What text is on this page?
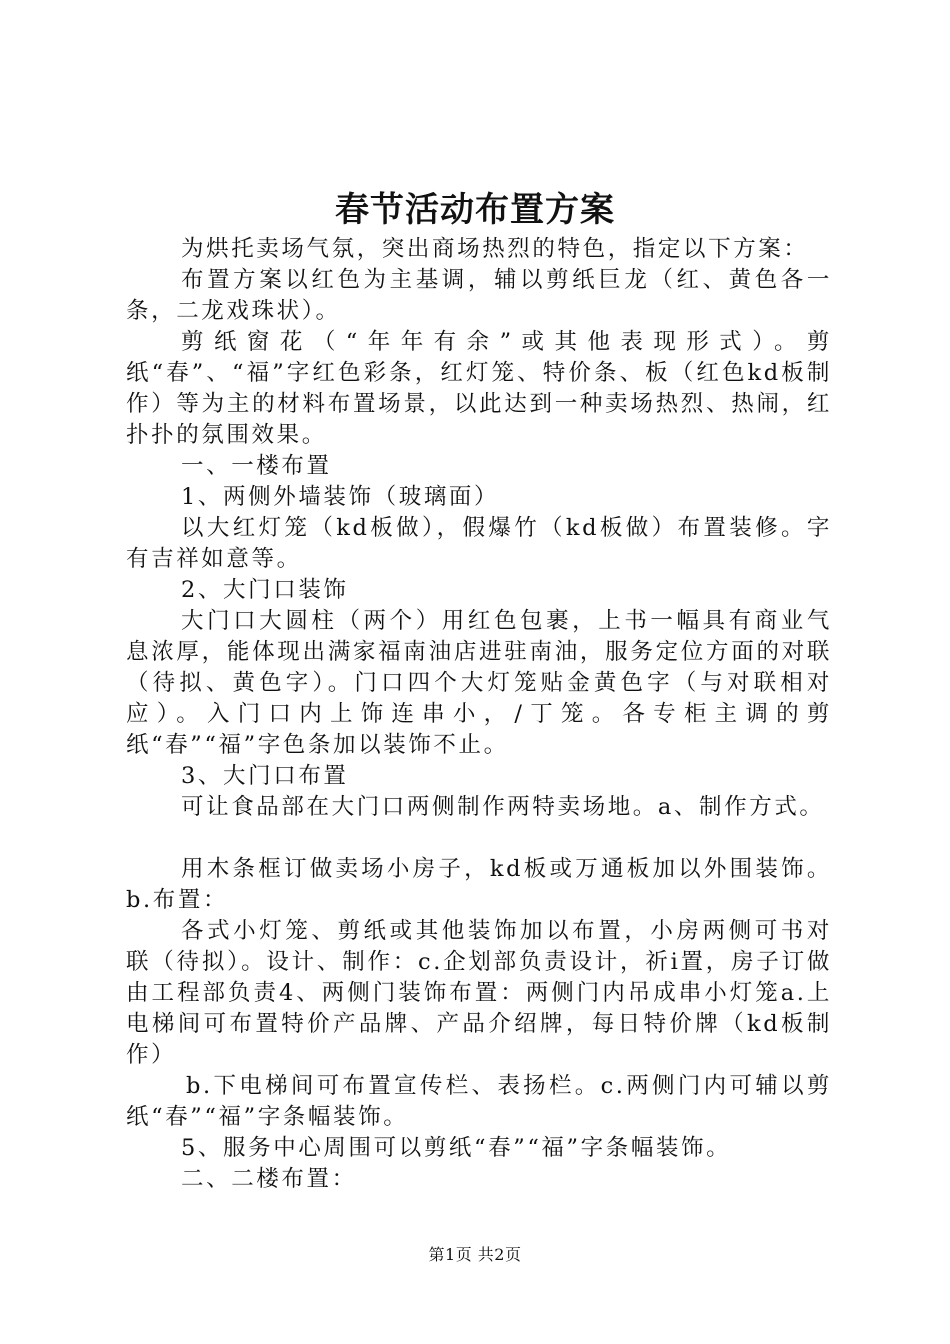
春节活动布置方案

为烘托卖场气氛，突出商场热烈的特色，指定以下方案：

布置方案以红色为主基调，辅以剪纸巨龙（红、黄色各一条，二龙戏珠状）。

剪纸窗花（“年年有余”或其他表现形式）。剪纸“春”、“福”字红色彩条，红灯笼、特价条、板（红色kd板制作）等为主的材料布置场景，以此达到一种卖场热烈、热闹，红扑扑的氛围效果。

一、一楼布置

1、两侧外墙装饰（玻璃面）

以大红灯笼（kd板做），假爆竹（kd板做）布置装修。字有吉祥如意等。

2、大门口装饰

大门口大圆柱（两个）用红色包裹，上书一幅具有商业气息浓厚，能体现出满家福南油店进驻南油，服务定位方面的对联（待拟、黄色字）。门口四个大灯笼贴金黄色字（与对联相对应）。入门口内上饰连串小，/丁笼。各专柜主调的剪纸“春”“福”字色条加以装饰不止。

3、大门口布置

可让食品部在大门口两侧制作两特卖场地。a、制作方式。

用木条框订做卖场小房子，kd板或万通板加以外围装饰。b.布置：

各式小灯笼、剪纸或其他装饰加以布置，小房两侧可书对联（待拟）。设计、制作：c.企划部负责设计，祈i置，房子订做由工程部负责4、两侧门装饰布置：两侧门内吊成串小灯笼a.上电梯间可布置特价产品牌、产品介绍牌，每日特价牌（kd板制作）

b.下电梯间可布置宣传栏、表扬栏。c.两侧门内可辅以剪纸“春”“福”字条幅装饰。

5、服务中心周围可以剪纸“春”“福”字条幅装饰。

二、二楼布置：

第1页 共2页
